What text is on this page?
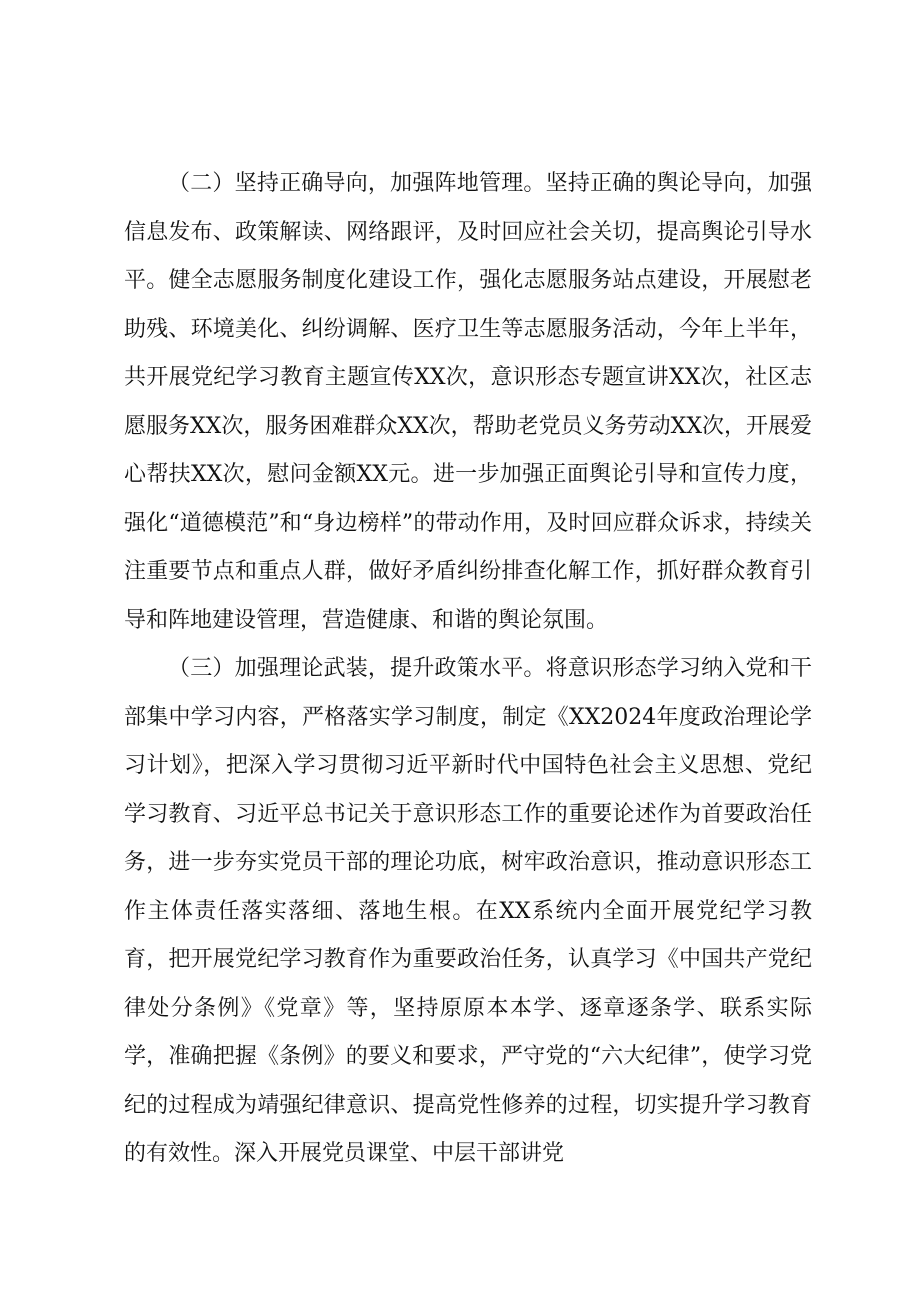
（二）坚持正确导向，加强阵地管理。坚持正确的舆论导向，加强信息发布、政策解读、网络跟评，及时回应社会关切，提高舆论引导水平。健全志愿服务制度化建设工作，强化志愿服务站点建设，开展慰老助残、环境美化、纠纷调解、医疗卫生等志愿服务活动，今年上半年，共开展党纪学习教育主题宣传XX次，意识形态专题宣讲XX次，社区志愿服务XX次，服务困难群众XX次，帮助老党员义务劳动XX次，开展爱心帮扶XX次，慰问金额XX元。进一步加强正面舆论引导和宣传力度，强化“道德模范”和“身边榜样”的带动作用，及时回应群众诉求，持续关注重要节点和重点人群，做好矛盾纠纷排查化解工作，抓好群众教育引导和阵地建设管理，营造健康、和谐的舆论氛围。

（三）加强理论武装，提升政策水平。将意识形态学习纳入党和干部集中学习内容，严格落实学习制度，制定《XX2024年度政治理论学习计划》，把深入学习贯彻习近平新时代中国特色社会主义思想、党纪学习教育、习近平总书记关于意识形态工作的重要论述作为首要政治任务，进一步夯实党员干部的理论功底，树牢政治意识，推动意识形态工作主体责任落实落细、落地生根。在XX系统内全面开展党纪学习教育，把开展党纪学习教育作为重要政治任务，认真学习《中国共产党纪律处分条例》《党章》等，坚持原原本本学、逐章逐条学、联系实际学，准确把握《条例》的要义和要求，严守党的“六大纪律”，使学习党纪的过程成为靖强纪律意识、提高党性修养的过程，切实提升学习教育的有效性。深入开展党员课堂、中层干部讲党
